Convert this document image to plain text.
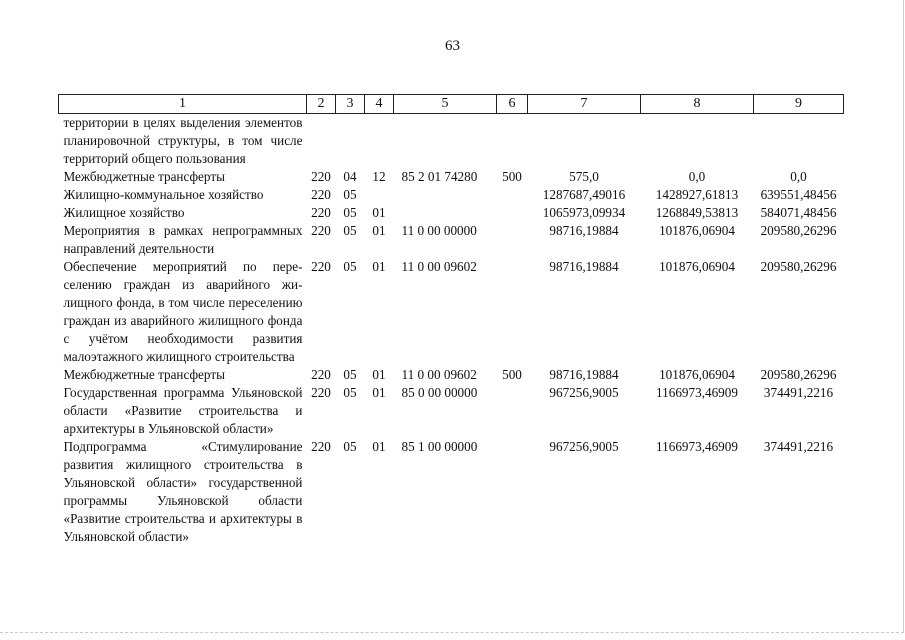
63
1	2	3	4	5	6	7	8	9
территории в целях выделения элементов планировочной структуры, в том числе территорий общего пользования								
Межбюджетные трансферты	220	04	12	85 2 01 74280	500	575,0	0,0	0,0
Жилищно-коммунальное хозяйство	220	05				1287687,49016	1428927,61813	639551,48456
Жилищное хозяйство	220	05	01			1065973,09934	1268849,53813	584071,48456
Мероприятия в рамках непрограммных направлений деятельности	220	05	01	11 0 00 00000		98716,19884	101876,06904	209580,26296
Обеспечение мероприятий по переселению граждан из аварийного жилищного фонда, в том числе переселению граждан из аварийного жилищного фонда с учётом необходимости развития малоэтажного жилищного строительства	220	05	01	11 0 00 09602		98716,19884	101876,06904	209580,26296
Межбюджетные трансферты	220	05	01	11 0 00 09602	500	98716,19884	101876,06904	209580,26296
Государственная программа Ульяновской области «Развитие строительства и архитектуры в Ульяновской области»	220	05	01	85 0 00 00000		967256,9005	1166973,46909	374491,2216
Подпрограмма «Стимулирование развития жилищного строительства в Ульяновской области» государственной программы Ульяновской области «Развитие строительства и архитектуры в Ульяновской области»	220	05	01	85 1 00 00000		967256,9005	1166973,46909	374491,2216
